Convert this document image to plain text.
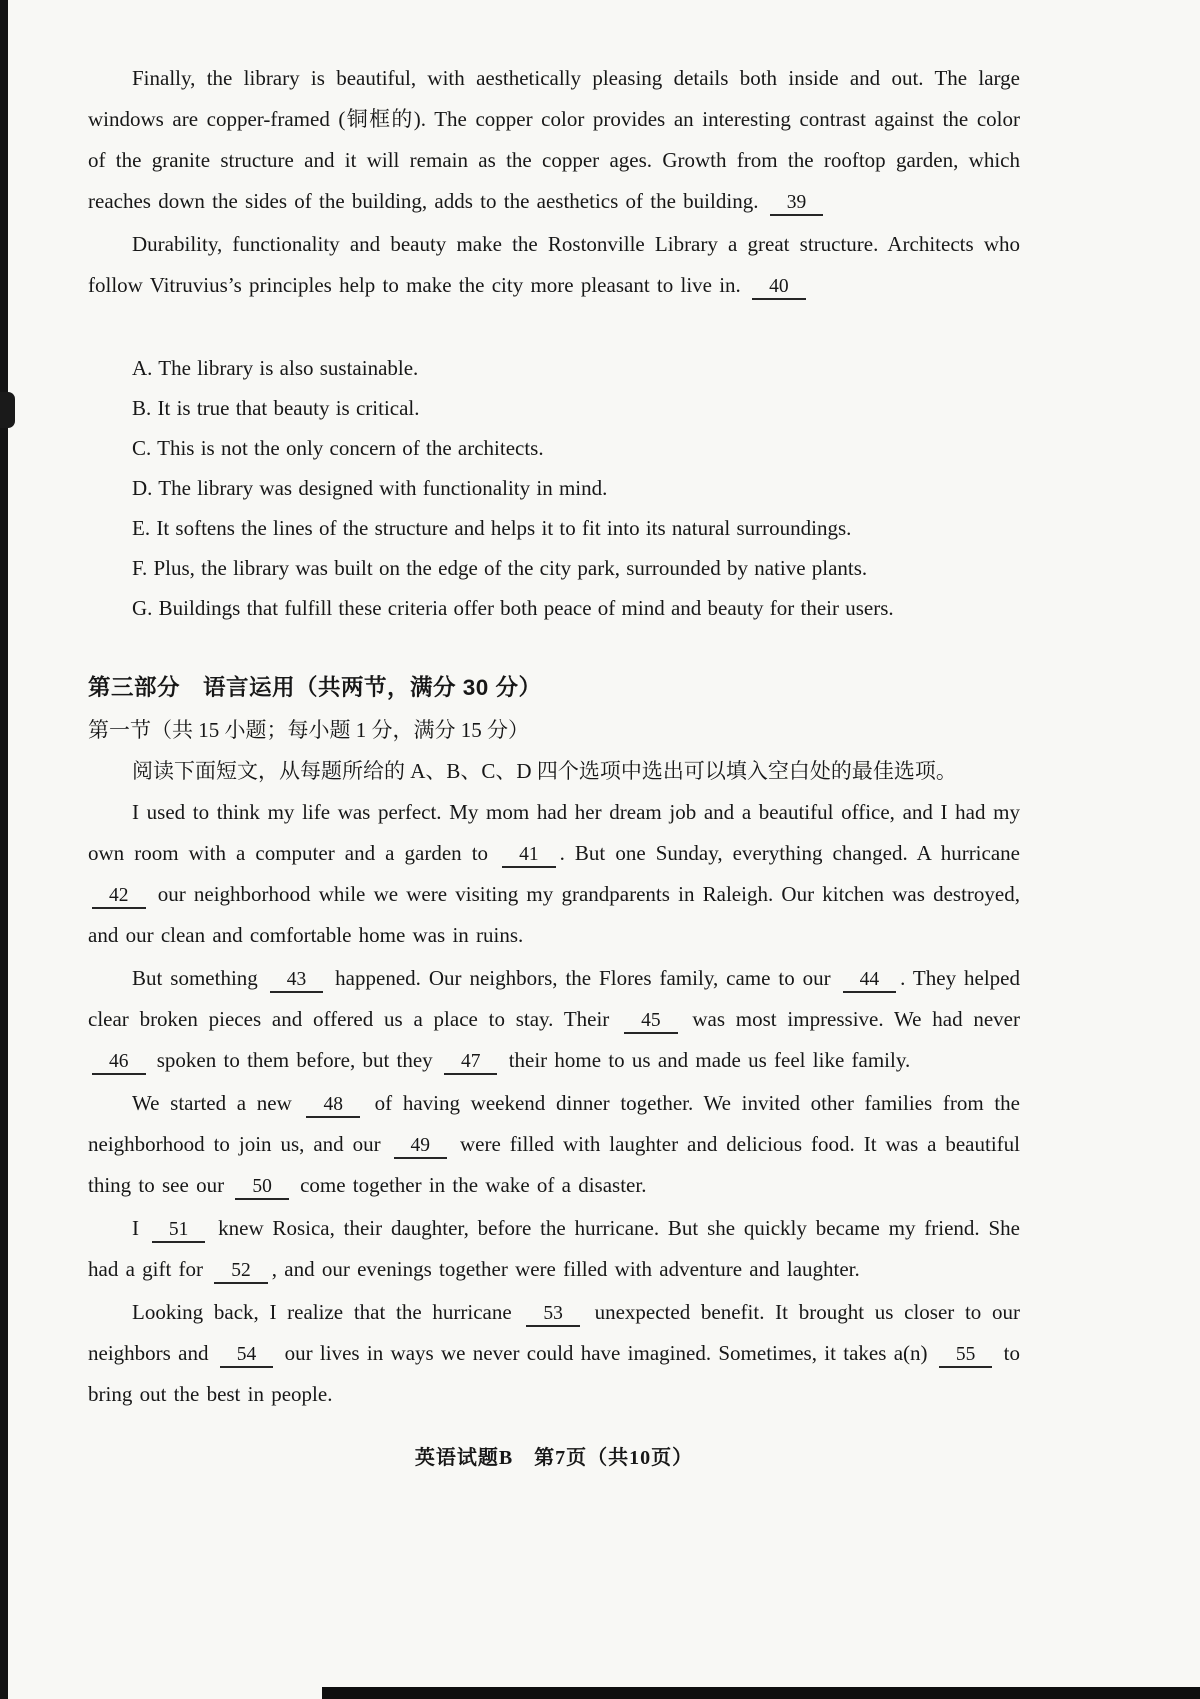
Finally, the library is beautiful, with aesthetically pleasing details both inside and out. The large windows are copper-framed (铜框的). The copper color provides an interesting contrast against the color of the granite structure and it will remain as the copper ages. Growth from the rooftop garden, which reaches down the sides of the building, adds to the aesthetics of the building. 39

Durability, functionality and beauty make the Rostonville Library a great structure. Architects who follow Vitruvius’s principles help to make the city more pleasant to live in. 40

A. The library is also sustainable.
B. It is true that beauty is critical.
C. This is not the only concern of the architects.
D. The library was designed with functionality in mind.
E. It softens the lines of the structure and helps it to fit into its natural surroundings.
F. Plus, the library was built on the edge of the city park, surrounded by native plants.
G. Buildings that fulfill these criteria offer both peace of mind and beauty for their users.
第三部分　语言运用（共两节，满分 30 分）
第一节（共 15 小题；每小题 1 分，满分 15 分）
阅读下面短文，从每题所给的 A、B、C、D 四个选项中选出可以填入空白处的最佳选项。

I used to think my life was perfect. My mom had her dream job and a beautiful office, and I had my own room with a computer and a garden to 41 . But one Sunday, everything changed. A hurricane 42 our neighborhood while we were visiting my grandparents in Raleigh. Our kitchen was destroyed, and our clean and comfortable home was in ruins.

But something 43 happened. Our neighbors, the Flores family, came to our 44 . They helped clear broken pieces and offered us a place to stay. Their 45 was most impressive. We had never 46 spoken to them before, but they 47 their home to us and made us feel like family.

We started a new 48 of having weekend dinner together. We invited other families from the neighborhood to join us, and our 49 were filled with laughter and delicious food. It was a beautiful thing to see our 50 come together in the wake of a disaster.

I 51 knew Rosica, their daughter, before the hurricane. But she quickly became my friend. She had a gift for 52 , and our evenings together were filled with adventure and laughter.

Looking back, I realize that the hurricane 53 unexpected benefit. It brought us closer to our neighbors and 54 our lives in ways we never could have imagined. Sometimes, it takes a(n) 55 to bring out the best in people.

英语试题B　第7页（共10页）
